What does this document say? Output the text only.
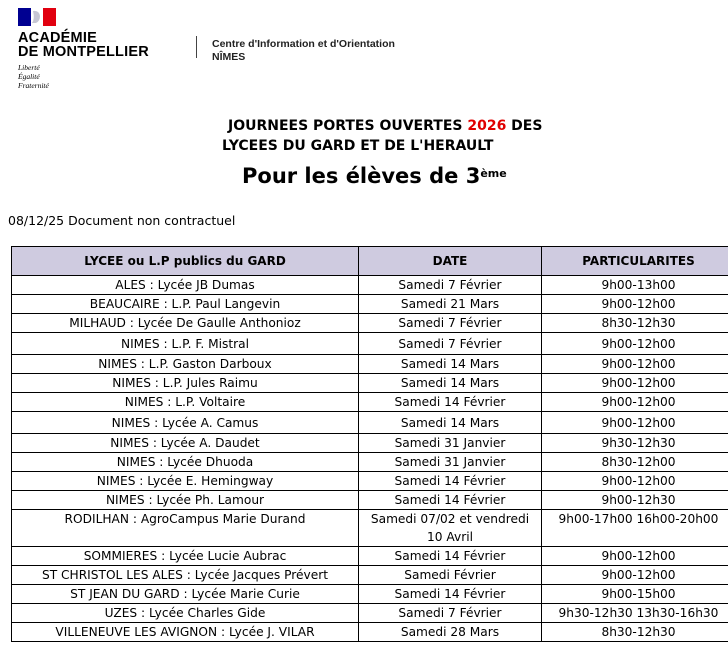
ACADÉMIE
DE MONTPELLIER
Liberté
Égalité
Fraternité
Centre d'Information et d'Orientation
NÎMES
JOURNEES PORTES OUVERTES 2026 DES
LYCEES DU GARD ET DE L'HERAULT
Pour les élèves de 3ème
08/12/25 Document non contractuel
LYCEE ou L.P publics du GARD	DATE	PARTICULARITES
ALES : Lycée JB Dumas	Samedi 7 Février	9h00-13h00
BEAUCAIRE : L.P. Paul Langevin	Samedi 21 Mars	9h00-12h00
MILHAUD : Lycée De Gaulle Anthonioz	Samedi 7 Février	8h30-12h30
NIMES : L.P. F. Mistral	Samedi 7 Février	9h00-12h00
NIMES : L.P. Gaston Darboux	Samedi 14 Mars	9h00-12h00
NIMES : L.P. Jules Raimu	Samedi 14 Mars	9h00-12h00
NIMES : L.P. Voltaire	Samedi 14 Février	9h00-12h00
NIMES : Lycée A. Camus	Samedi 14 Mars	9h00-12h00
NIMES : Lycée A. Daudet	Samedi 31 Janvier	9h30-12h30
NIMES : Lycée Dhuoda	Samedi 31 Janvier	8h30-12h00
NIMES : Lycée E. Hemingway	Samedi 14 Février	9h00-12h00
NIMES : Lycée Ph. Lamour	Samedi 14 Février	9h00-12h30
RODILHAN : AgroCampus Marie Durand	Samedi 07/02 et vendredi 10 Avril	9h00-17h00 16h00-20h00
SOMMIERES : Lycée Lucie Aubrac	Samedi 14 Février	9h00-12h00
ST CHRISTOL LES ALES : Lycée Jacques Prévert	Samedi Février	9h00-12h00
ST JEAN DU GARD : Lycée Marie Curie	Samedi 14 Février	9h00-15h00
UZES : Lycée Charles Gide	Samedi 7 Février	9h30-12h30 13h30-16h30
VILLENEUVE LES AVIGNON : Lycée J. VILAR	Samedi 28 Mars	8h30-12h30
